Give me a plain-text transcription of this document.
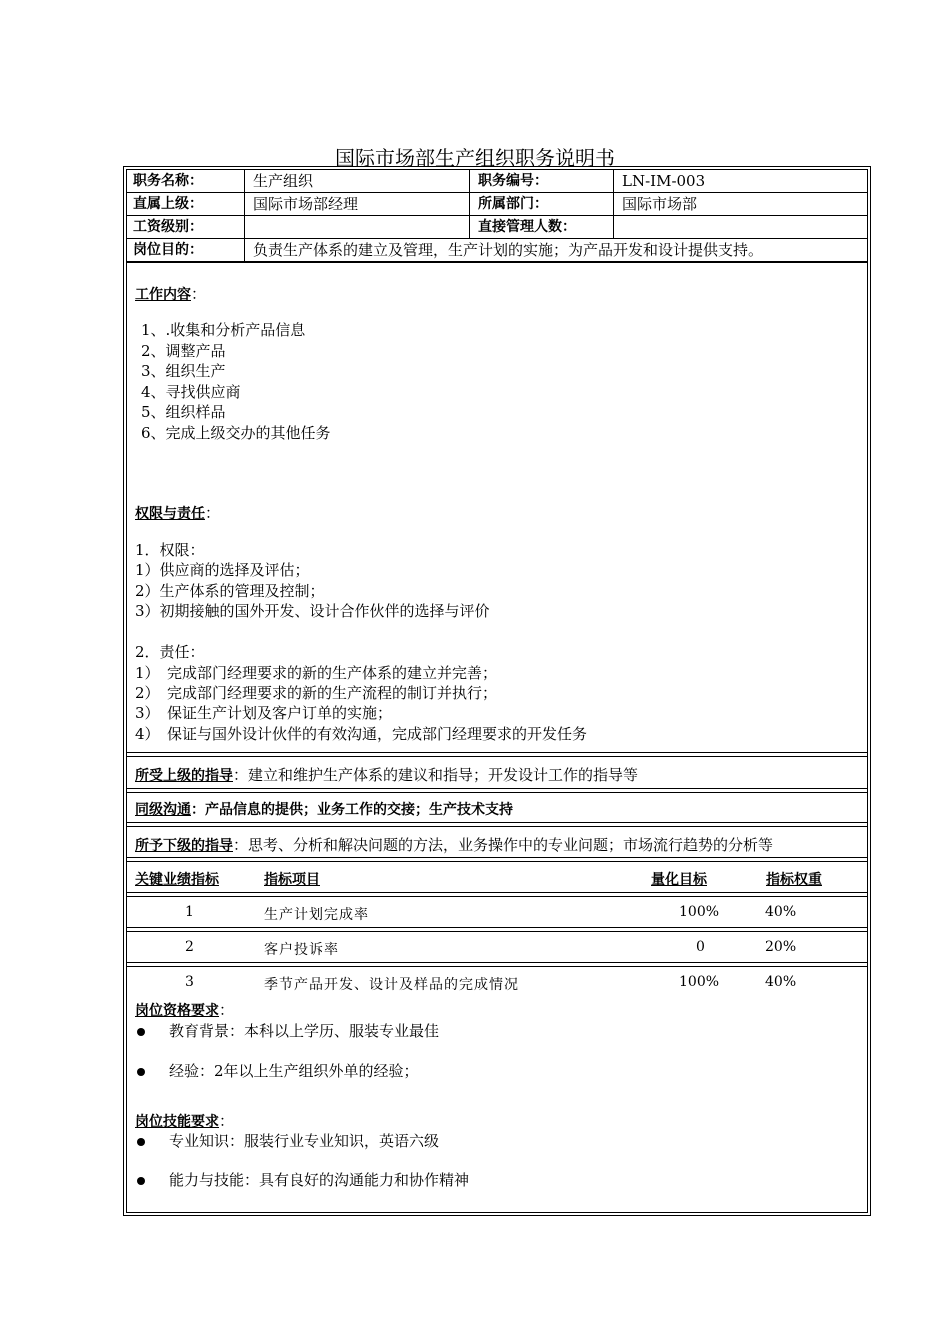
国际市场部生产组织职务说明书
职务名称：	生产组织	职务编号：	LN-IM-003
直属上级：	国际市场部经理	所属部门：	国际市场部
工资级别：	直接管理人数：
岗位目的：	负责生产体系的建立及管理，生产计划的实施；为产品开发和设计提供支持。
工作内容：
1、.收集和分析产品信息
2、调整产品
3、组织生产
4、寻找供应商
5、组织样品
6、完成上级交办的其他任务
权限与责任：
1．权限：
1）供应商的选择及评估；
2）生产体系的管理及控制；
3）初期接触的国外开发、设计合作伙伴的选择与评价
2．责任：
1）　完成部门经理要求的新的生产体系的建立并完善；
2）　完成部门经理要求的新的生产流程的制订并执行；
3）　保证生产计划及客户订单的实施；
4）　保证与国外设计伙伴的有效沟通，完成部门经理要求的开发任务
所受上级的指导：建立和维护生产体系的建议和指导；开发设计工作的指导等
同级沟通：产品信息的提供；业务工作的交接；生产技术支持
所予下级的指导：思考、分析和解决问题的方法，业务操作中的专业问题；市场流行趋势的分析等
关键业绩指标	指标项目	量化目标	指标权重
1	生产计划完成率	100%	40%
2	客户投诉率	0	20%
3	季节产品开发、设计及样品的完成情况	100%	40%
岗位资格要求：
教育背景：本科以上学历、服装专业最佳
经验：2年以上生产组织外单的经验；
岗位技能要求：
专业知识：服装行业专业知识，英语六级
能力与技能：具有良好的沟通能力和协作精神
